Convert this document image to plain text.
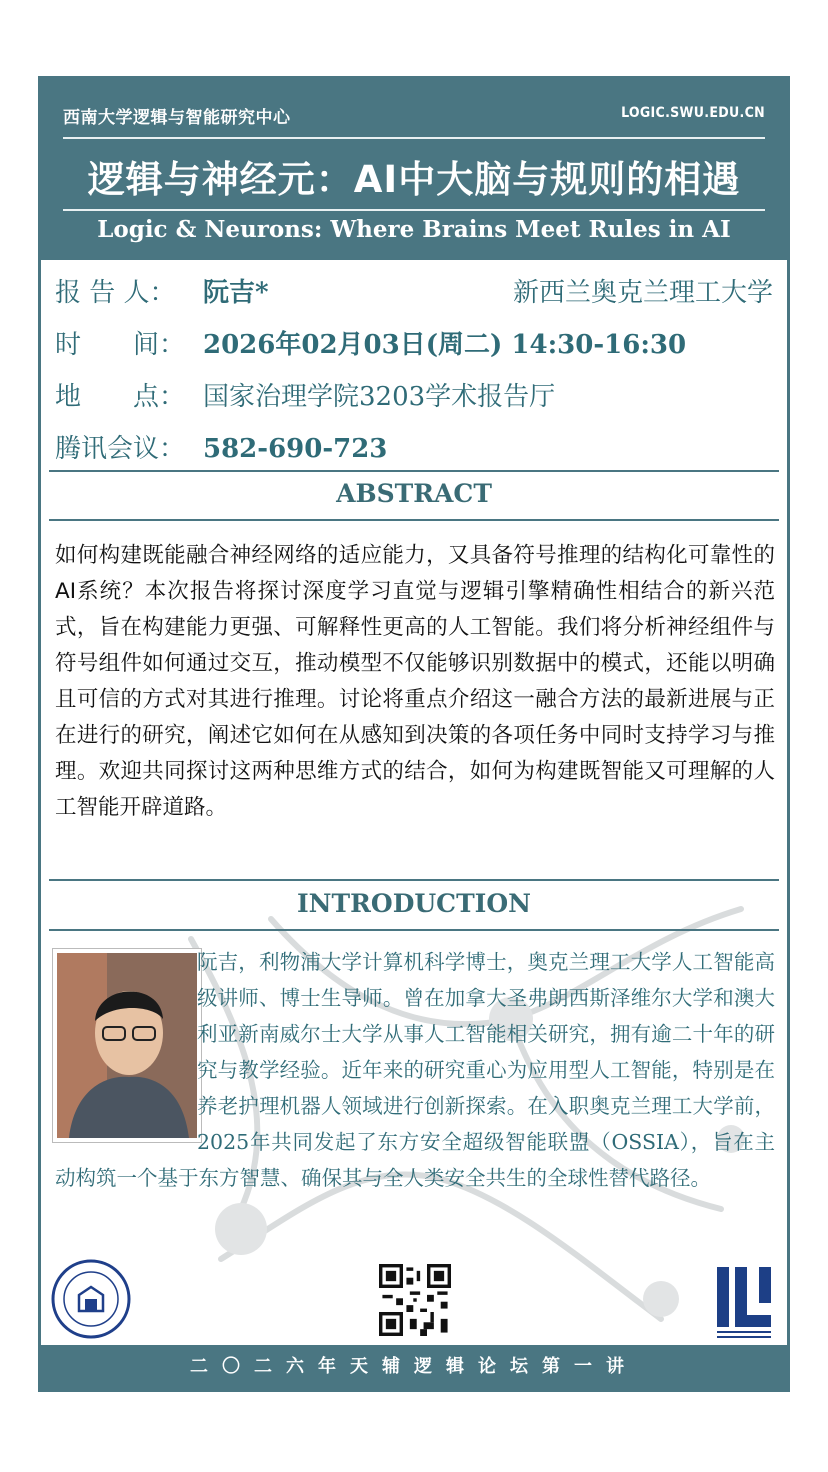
西南大学逻辑与智能研究中心	LOGIC.SWU.EDU.CN
逻辑与神经元：AI中大脑与规则的相遇
Logic & Neurons: Where Brains Meet Rules in AI
报 告 人： 阮吉*	新西兰奥克兰理工大学
时　　间： 2026年02月03日(周二) 14:30-16:30
地　　点： 国家治理学院3203学术报告厅
腾讯会议： 582-690-723
ABSTRACT
如何构建既能融合神经网络的适应能力，又具备符号推理的结构化可靠性的AI系统？本次报告将探讨深度学习直觉与逻辑引擎精确性相结合的新兴范式，旨在构建能力更强、可解释性更高的人工智能。我们将分析神经组件与符号组件如何通过交互，推动模型不仅能够识别数据中的模式，还能以明确且可信的方式对其进行推理。讨论将重点介绍这一融合方法的最新进展与正在进行的研究，阐述它如何在从感知到决策的各项任务中同时支持学习与推理。欢迎共同探讨这两种思维方式的结合，如何为构建既智能又可理解的人工智能开辟道路。
INTRODUCTION
阮吉，利物浦大学计算机科学博士，奥克兰理工大学人工智能高级讲师、博士生导师。曾在加拿大圣弗朗西斯泽维尔大学和澳大利亚新南威尔士大学从事人工智能相关研究，拥有逾二十年的研究与教学经验。近年来的研究重心为应用型人工智能，特别是在养老护理机器人领域进行创新探索。在入职奥克兰理工大学前，2025年共同发起了东方安全超级智能联盟（OSSIA），旨在主动构筑一个基于东方智慧、确保其与全人类安全共生的全球性替代路径。
二〇二六年天辅逻辑论坛第一讲
